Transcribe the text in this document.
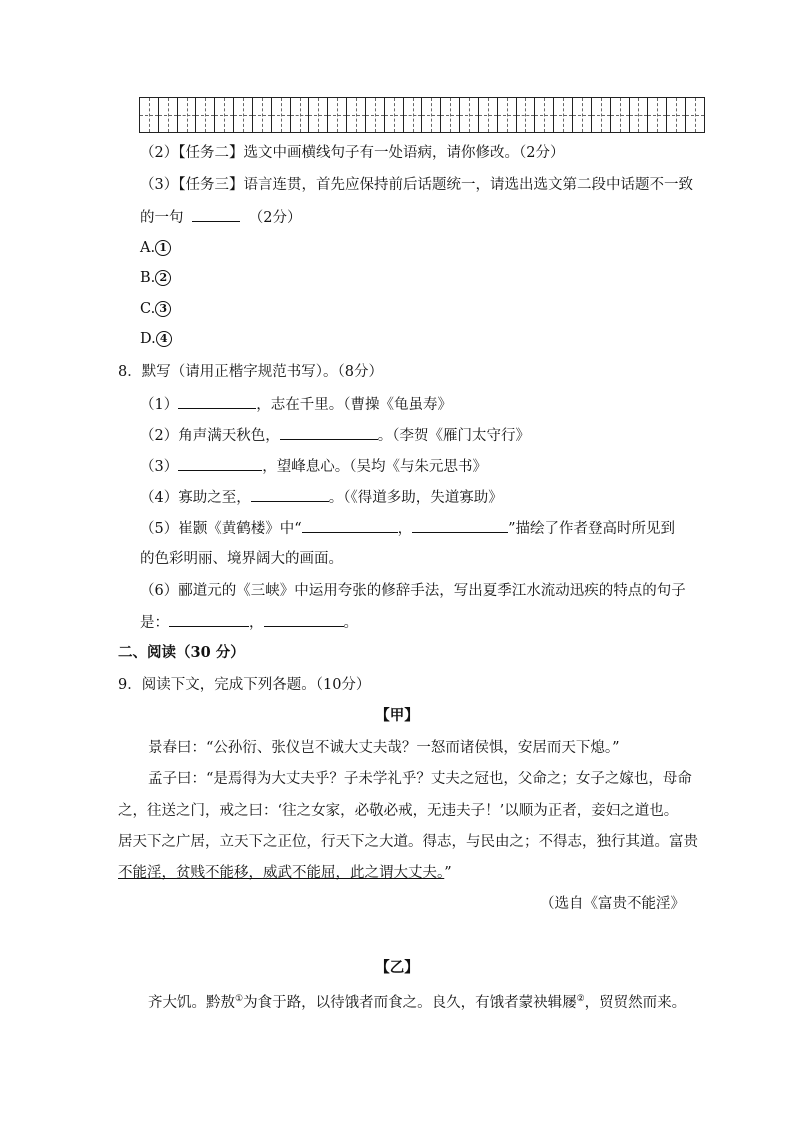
（2）【任务二】选文中画横线句子有一处语病，请你修改。（2分）
（3）【任务三】语言连贯，首先应保持前后话题统一，请选出选文第二段中话题不一致
的一句	（2分）
A. 1
B. 2
C. 3
D. 4
8．默写（请用正楷字规范书写）。（8分）
（1）	，志在千里。（曹操《龟虽寿》
（2）角声满天秋色，	。（李贺《雁门太守行》
（3）	，望峰息心。（吴均《与朱元思书》
（4）寡助之至，	。（《得道多助，失道寡助》
（5）崔颢《黄鹤楼》中“	，	”描绘了作者登高时所见到
的色彩明丽、境界阔大的画面。
（6）郦道元的《三峡》中运用夸张的修辞手法，写出夏季江水流动迅疾的特点的句子
是：	，	。
二、阅读（30 分）
9．阅读下文，完成下列各题。（10分）
【甲】
景春曰：“公孙衍、张仪岂不诚大丈夫哉？一怒而诸侯惧，安居而天下熄。”
孟子曰：“是焉得为大丈夫乎？子未学礼乎？丈夫之冠也，父命之；女子之嫁也，母命
之，往送之门，戒之曰：‘往之女家，必敬必戒，无违夫子！’以顺为正者，妾妇之道也。
居天下之广居，立天下之正位，行天下之大道。得志，与民由之；不得志，独行其道。富贵
不能淫，贫贱不能移，威武不能屈，此之谓大丈夫。”
（选自《富贵不能淫》
【乙】
齐大饥。黔敖①为食于路，以待饿者而食之。良久，有饿者蒙袂辑屦②，贸贸然而来。
